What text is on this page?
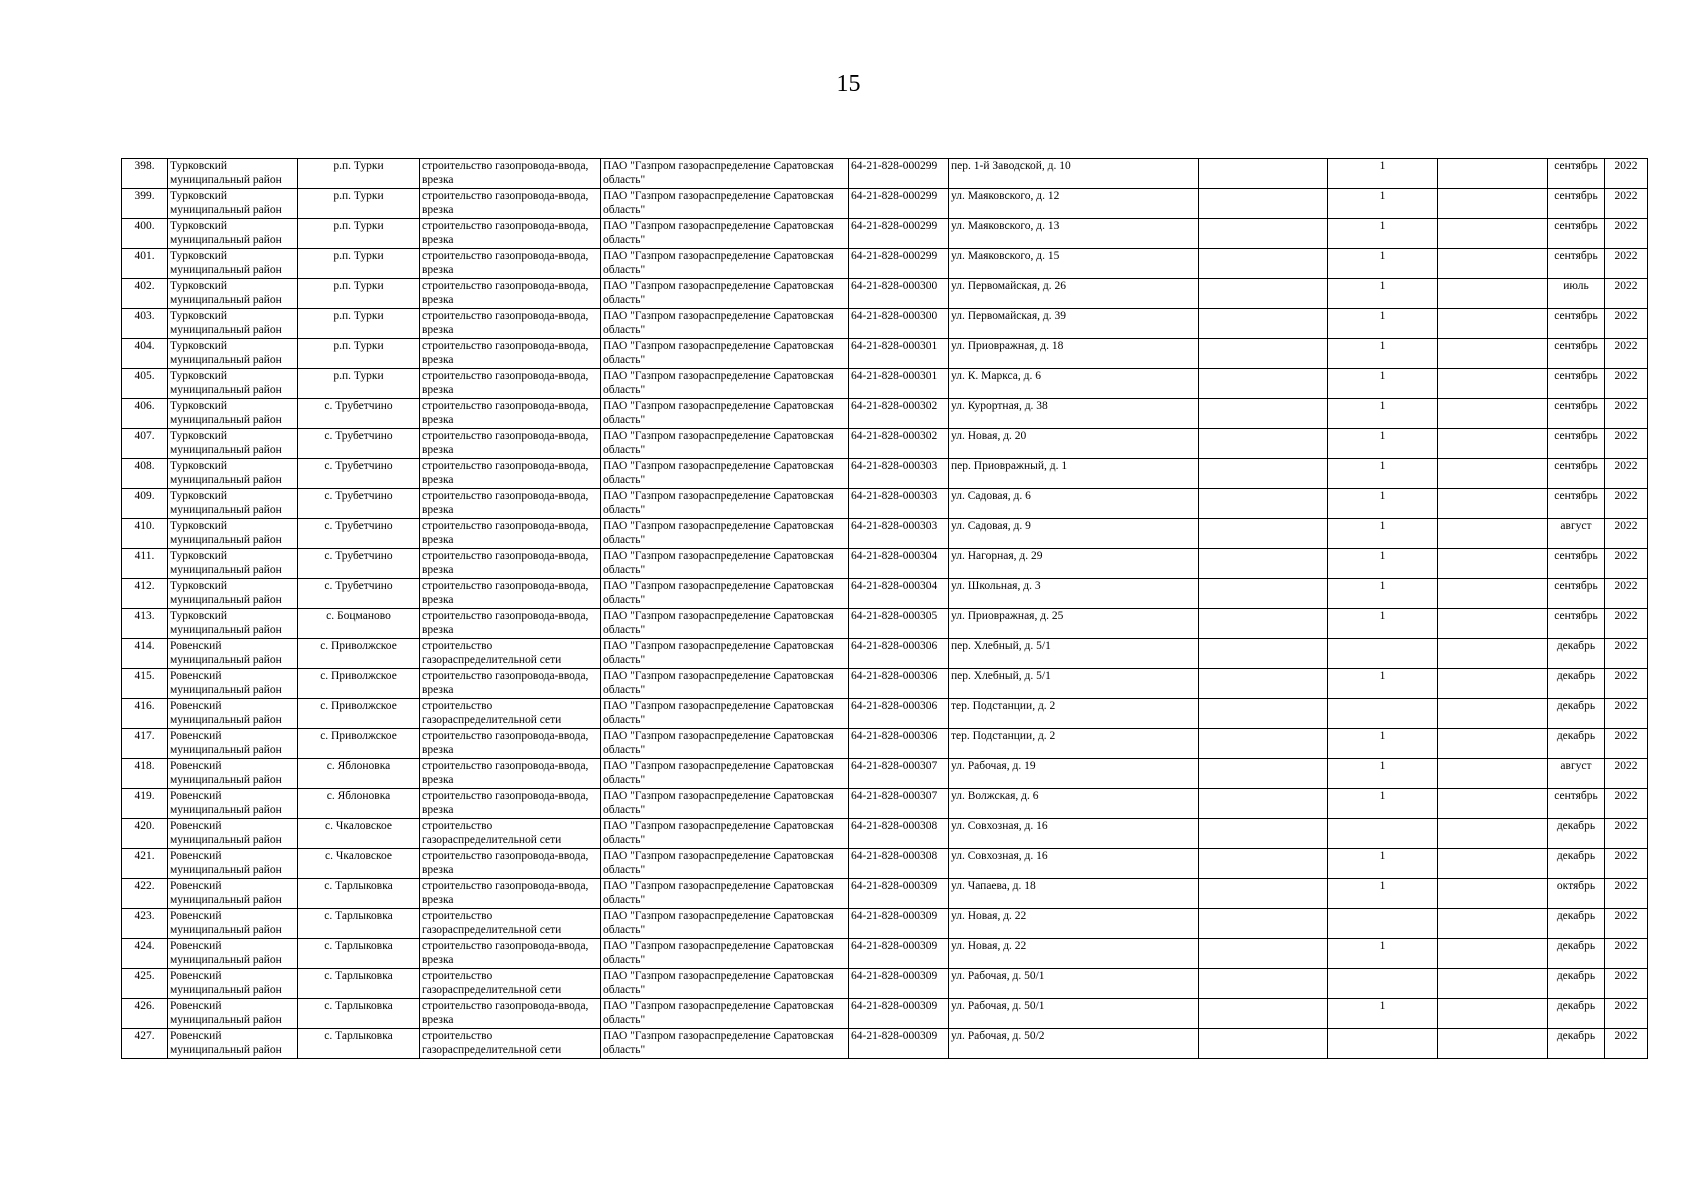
15
398.	Турковский муниципальный район	р.п. Турки	строительство газопровода-ввода, врезка	ПАО "Газпром газораспределение Саратовская область"	64-21-828-000299	пер. 1-й Заводской, д. 10		1		сентябрь	2022
399.	Турковский муниципальный район	р.п. Турки	строительство газопровода-ввода, врезка	ПАО "Газпром газораспределение Саратовская область"	64-21-828-000299	ул. Маяковского, д. 12		1		сентябрь	2022
400.	Турковский муниципальный район	р.п. Турки	строительство газопровода-ввода, врезка	ПАО "Газпром газораспределение Саратовская область"	64-21-828-000299	ул. Маяковского, д. 13		1		сентябрь	2022
401.	Турковский муниципальный район	р.п. Турки	строительство газопровода-ввода, врезка	ПАО "Газпром газораспределение Саратовская область"	64-21-828-000299	ул. Маяковского, д. 15		1		сентябрь	2022
402.	Турковский муниципальный район	р.п. Турки	строительство газопровода-ввода, врезка	ПАО "Газпром газораспределение Саратовская область"	64-21-828-000300	ул. Первомайская, д. 26		1		июль	2022
403.	Турковский муниципальный район	р.п. Турки	строительство газопровода-ввода, врезка	ПАО "Газпром газораспределение Саратовская область"	64-21-828-000300	ул. Первомайская, д. 39		1		сентябрь	2022
404.	Турковский муниципальный район	р.п. Турки	строительство газопровода-ввода, врезка	ПАО "Газпром газораспределение Саратовская область"	64-21-828-000301	ул. Приовражная, д. 18		1		сентябрь	2022
405.	Турковский муниципальный район	р.п. Турки	строительство газопровода-ввода, врезка	ПАО "Газпром газораспределение Саратовская область"	64-21-828-000301	ул. К. Маркса, д. 6		1		сентябрь	2022
406.	Турковский муниципальный район	с. Трубетчино	строительство газопровода-ввода, врезка	ПАО "Газпром газораспределение Саратовская область"	64-21-828-000302	ул. Курортная, д. 38		1		сентябрь	2022
407.	Турковский муниципальный район	с. Трубетчино	строительство газопровода-ввода, врезка	ПАО "Газпром газораспределение Саратовская область"	64-21-828-000302	ул. Новая, д. 20		1		сентябрь	2022
408.	Турковский муниципальный район	с. Трубетчино	строительство газопровода-ввода, врезка	ПАО "Газпром газораспределение Саратовская область"	64-21-828-000303	пер. Приовражный, д. 1		1		сентябрь	2022
409.	Турковский муниципальный район	с. Трубетчино	строительство газопровода-ввода, врезка	ПАО "Газпром газораспределение Саратовская область"	64-21-828-000303	ул. Садовая, д. 6		1		сентябрь	2022
410.	Турковский муниципальный район	с. Трубетчино	строительство газопровода-ввода, врезка	ПАО "Газпром газораспределение Саратовская область"	64-21-828-000303	ул. Садовая, д. 9		1		август	2022
411.	Турковский муниципальный район	с. Трубетчино	строительство газопровода-ввода, врезка	ПАО "Газпром газораспределение Саратовская область"	64-21-828-000304	ул. Нагорная, д. 29		1		сентябрь	2022
412.	Турковский муниципальный район	с. Трубетчино	строительство газопровода-ввода, врезка	ПАО "Газпром газораспределение Саратовская область"	64-21-828-000304	ул. Школьная, д. 3		1		сентябрь	2022
413.	Турковский муниципальный район	с. Боцманово	строительство газопровода-ввода, врезка	ПАО "Газпром газораспределение Саратовская область"	64-21-828-000305	ул. Приовражная, д. 25		1		сентябрь	2022
414.	Ровенский муниципальный район	с. Приволжское	строительство газораспределительной сети	ПАО "Газпром газораспределение Саратовская область"	64-21-828-000306	пер. Хлебный, д. 5/1				декабрь	2022
415.	Ровенский муниципальный район	с. Приволжское	строительство газопровода-ввода, врезка	ПАО "Газпром газораспределение Саратовская область"	64-21-828-000306	пер. Хлебный, д. 5/1		1		декабрь	2022
416.	Ровенский муниципальный район	с. Приволжское	строительство газораспределительной сети	ПАО "Газпром газораспределение Саратовская область"	64-21-828-000306	тер. Подстанции, д. 2				декабрь	2022
417.	Ровенский муниципальный район	с. Приволжское	строительство газопровода-ввода, врезка	ПАО "Газпром газораспределение Саратовская область"	64-21-828-000306	тер. Подстанции, д. 2		1		декабрь	2022
418.	Ровенский муниципальный район	с. Яблоновка	строительство газопровода-ввода, врезка	ПАО "Газпром газораспределение Саратовская область"	64-21-828-000307	ул. Рабочая, д. 19		1		август	2022
419.	Ровенский муниципальный район	с. Яблоновка	строительство газопровода-ввода, врезка	ПАО "Газпром газораспределение Саратовская область"	64-21-828-000307	ул. Волжская, д. 6		1		сентябрь	2022
420.	Ровенский муниципальный район	с. Чкаловское	строительство газораспределительной сети	ПАО "Газпром газораспределение Саратовская область"	64-21-828-000308	ул. Совхозная, д. 16				декабрь	2022
421.	Ровенский муниципальный район	с. Чкаловское	строительство газопровода-ввода, врезка	ПАО "Газпром газораспределение Саратовская область"	64-21-828-000308	ул. Совхозная, д. 16		1		декабрь	2022
422.	Ровенский муниципальный район	с. Тарлыковка	строительство газопровода-ввода, врезка	ПАО "Газпром газораспределение Саратовская область"	64-21-828-000309	ул. Чапаева, д. 18		1		октябрь	2022
423.	Ровенский муниципальный район	с. Тарлыковка	строительство газораспределительной сети	ПАО "Газпром газораспределение Саратовская область"	64-21-828-000309	ул. Новая, д. 22				декабрь	2022
424.	Ровенский муниципальный район	с. Тарлыковка	строительство газопровода-ввода, врезка	ПАО "Газпром газораспределение Саратовская область"	64-21-828-000309	ул. Новая, д. 22		1		декабрь	2022
425.	Ровенский муниципальный район	с. Тарлыковка	строительство газораспределительной сети	ПАО "Газпром газораспределение Саратовская область"	64-21-828-000309	ул. Рабочая, д. 50/1				декабрь	2022
426.	Ровенский муниципальный район	с. Тарлыковка	строительство газопровода-ввода, врезка	ПАО "Газпром газораспределение Саратовская область"	64-21-828-000309	ул. Рабочая, д. 50/1		1		декабрь	2022
427.	Ровенский муниципальный район	с. Тарлыковка	строительство газораспределительной сети	ПАО "Газпром газораспределение Саратовская область"	64-21-828-000309	ул. Рабочая, д. 50/2				декабрь	2022
